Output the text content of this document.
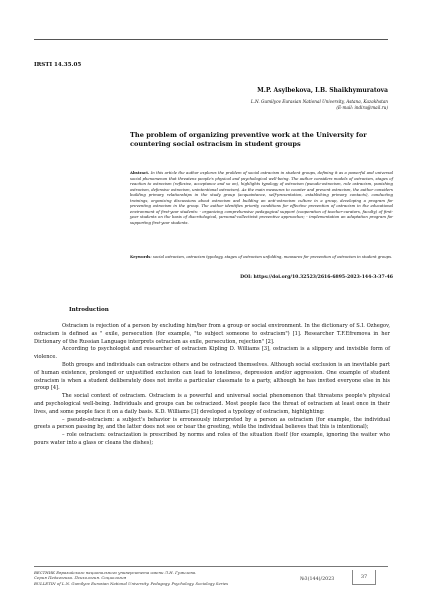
IRSTI 14.35.05
M.P. Asylbekova, I.B. Shaikhymuratova
L.N. Gumilyov Eurasian National University, Astana, Kazakhstan
(E-mail: indira@mail.ru)
The problem of organizing preventive work at the University for countering social ostracism in student groups
Abstract. In this article the author explores the problem of social ostracism in student groups, defining it as a powerful and universal social phenomenon that threatens people's physical and psychological well-being. The author considers models of ostracism, stages of reaction to ostracism (reflexive, acceptance and so on), highlights typology of ostracism (pseudo-ostracism, role ostracism, punishing ostracism, defensive ostracism, unintentional ostracism). As the main measures to counter and prevent ostracism, the author considers building primary relationships in the study group (acquaintance, self-presentation, establishing primary contacts), conducting trainings, organizing discussions about ostracism and building an anti-ostracism culture in a group, developing a program for preventing ostracism in the group. The author identifies priority conditions for effective prevention of ostracism in the educational environment of first-year students: - organizing comprehensive pedagogical support (cooperation of teacher-curators, faculty) of first-year students on the basis of diacritological, personal-collectivist preventive approaches; - implementation an adaptation program for supporting first-year students.
Keywords: social ostracism, ostracism typology, stages of ostracism unfolding, measures for prevention of ostracism in student groups.
DOI: https://doi.org/10.32523/2616-6895-2023-144-3-37-46
Introduction

Ostracism is rejection of a person by excluding him/her from a group or social environment. In the dictionary of S.I. Ozhegov, ostracism is defined as " exile, persecution (for example, "to subject someone to ostracism") [1]. Researcher T.F.Efremova in her Dictionary of the Russian Language interprets ostracism as exile, persecution, rejection" [2].

According to psychologist and researcher of ostracism Kipling D. Williams [3], ostracism is a slippery and invisible form of violence.

Both groups and individuals can ostracize others and be ostracized themselves. Although social exclusion is an inevitable part of human existence, prolonged or unjustified exclusion can lead to loneliness, depression and/or aggression. One example of student ostracism is when a student deliberately does not invite a particular classmate to a party, although he has invited everyone else in his group [4].

The social context of ostracism. Ostracism is a powerful and universal social phenomenon that threatens people's physical and psychological well-being. Individuals and groups can be ostracized. Most people face the threat of ostracism at least once in their lives, and some people face it on a daily basis. K.D. Williams [3] developed a typology of ostracism, highlighting:

– pseudo-ostracism: a subject's behavior is erroneously interpreted by a person as ostracism (for example, the individual greets a person passing by, and the latter does not see or hear the greeting, while the individual believes that this is intentional);

– role ostracism: ostracization is prescribed by norms and roles of the situation itself (for example, ignoring the waiter who pours water into a glass or cleans the dishes);

ВЕСТНИК Евразийского национального университета имени Л.Н. Гумилева.
Серия Педагогика. Психология. Социология
BULLETIN of L.N. Gumilyov Eurasian National University. Pedagogy. Psychology. Sociology Series
№3(144)/2023	37
